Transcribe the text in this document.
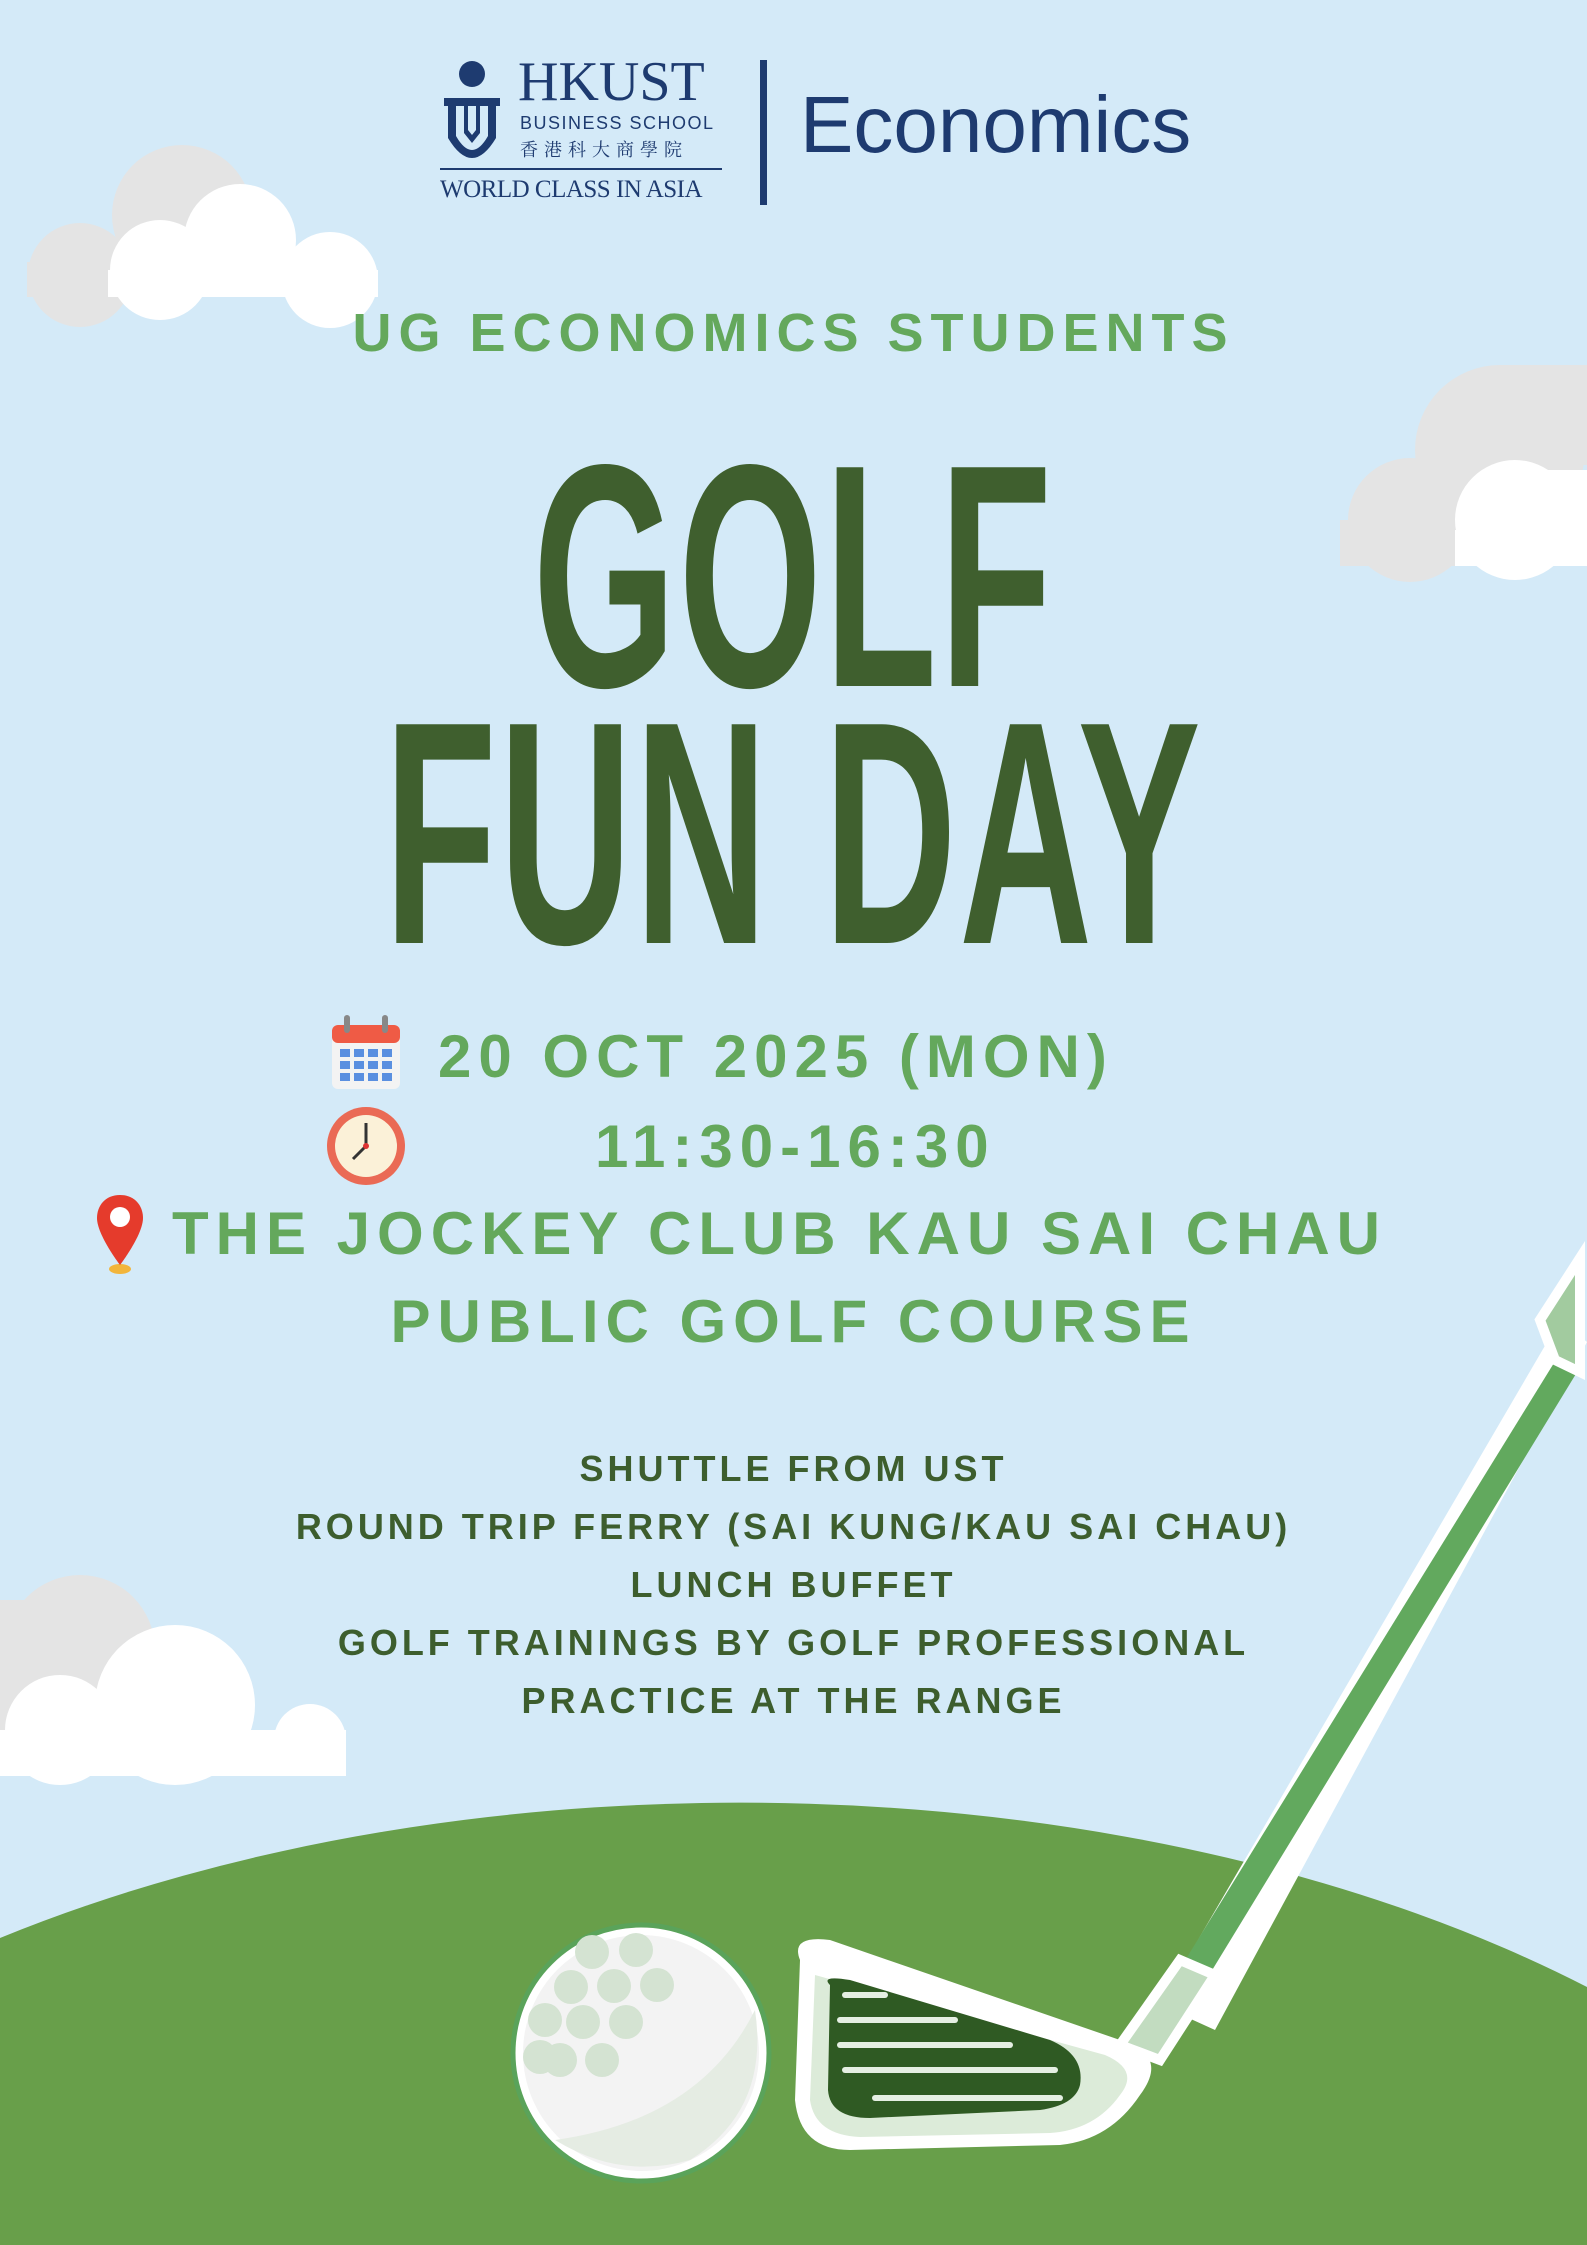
HKUST
BUSINESS SCHOOL
香港科大商學院
WORLD CLASS IN ASIA
Economics
UG ECONOMICS STUDENTS
GOLF
FUN DAY
20 OCT 2025 (MON)
11:30-16:30
THE JOCKEY CLUB KAU SAI CHAU
PUBLIC GOLF COURSE
SHUTTLE FROM UST
ROUND TRIP FERRY (SAI KUNG/KAU SAI CHAU)
LUNCH BUFFET
GOLF TRAININGS BY GOLF PROFESSIONAL
PRACTICE AT THE RANGE
